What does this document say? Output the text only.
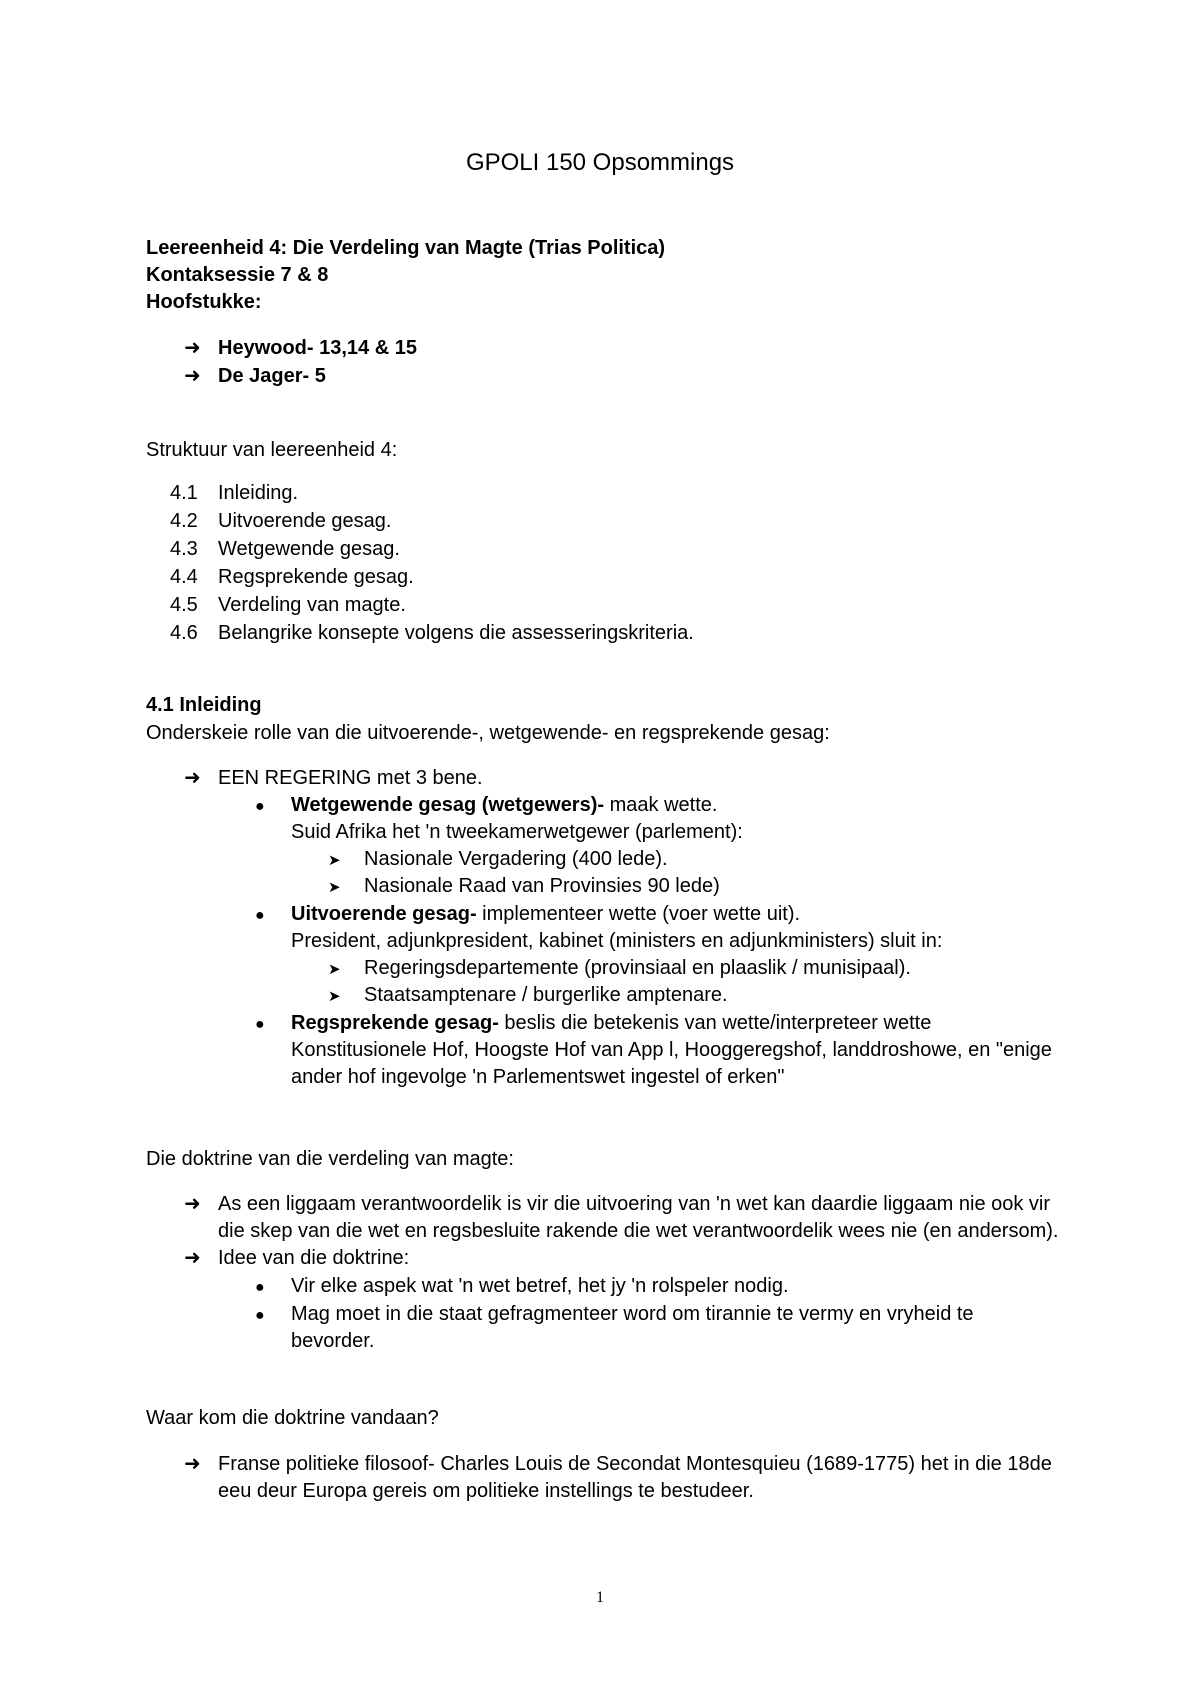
GPOLI 150 Opsommings
Leereenheid 4: Die Verdeling van Magte (Trias Politica)
Kontaksessie 7 & 8
Hoofstukke:
➜ Heywood- 13,14 & 15
➜ De Jager- 5
Struktuur van leereenheid 4:
4.1 Inleiding.
4.2 Uitvoerende gesag.
4.3 Wetgewende gesag.
4.4 Regsprekende gesag.
4.5 Verdeling van magte.
4.6 Belangrike konsepte volgens die assesseringskriteria.
4.1 Inleiding
Onderskeie rolle van die uitvoerende-, wetgewende- en regsprekende gesag:
➜ EEN REGERING met 3 bene.
● Wetgewende gesag (wetgewers)- maak wette.
Suid Afrika het 'n tweekamerwetgewer (parlement):
➤ Nasionale Vergadering (400 lede).
➤ Nasionale Raad van Provinsies 90 lede)
● Uitvoerende gesag- implementeer wette (voer wette uit).
President, adjunkpresident, kabinet (ministers en adjunkministers) sluit in:
➤ Regeringsdepartemente (provinsiaal en plaaslik / munisipaal).
➤ Staatsamptenare / burgerlike amptenare.
● Regsprekende gesag- beslis die betekenis van wette/interpreteer wette
Konstitusionele Hof, Hoogste Hof van App l, Hooggeregshof, landdroshowe, en "enige
ander hof ingevolge 'n Parlementswet ingestel of erken"
Die doktrine van die verdeling van magte:
➜ As een liggaam verantwoordelik is vir die uitvoering van 'n wet kan daardie liggaam nie ook vir
die skep van die wet en regsbesluite rakende die wet verantwoordelik wees nie (en andersom).
➜ Idee van die doktrine:
● Vir elke aspek wat 'n wet betref, het jy 'n rolspeler nodig.
● Mag moet in die staat gefragmenteer word om tirannie te vermy en vryheid te
bevorder.
Waar kom die doktrine vandaan?
➜ Franse politieke filosoof- Charles Louis de Secondat Montesquieu (1689-1775) het in die 18de
eeu deur Europa gereis om politieke instellings te bestudeer.
1
